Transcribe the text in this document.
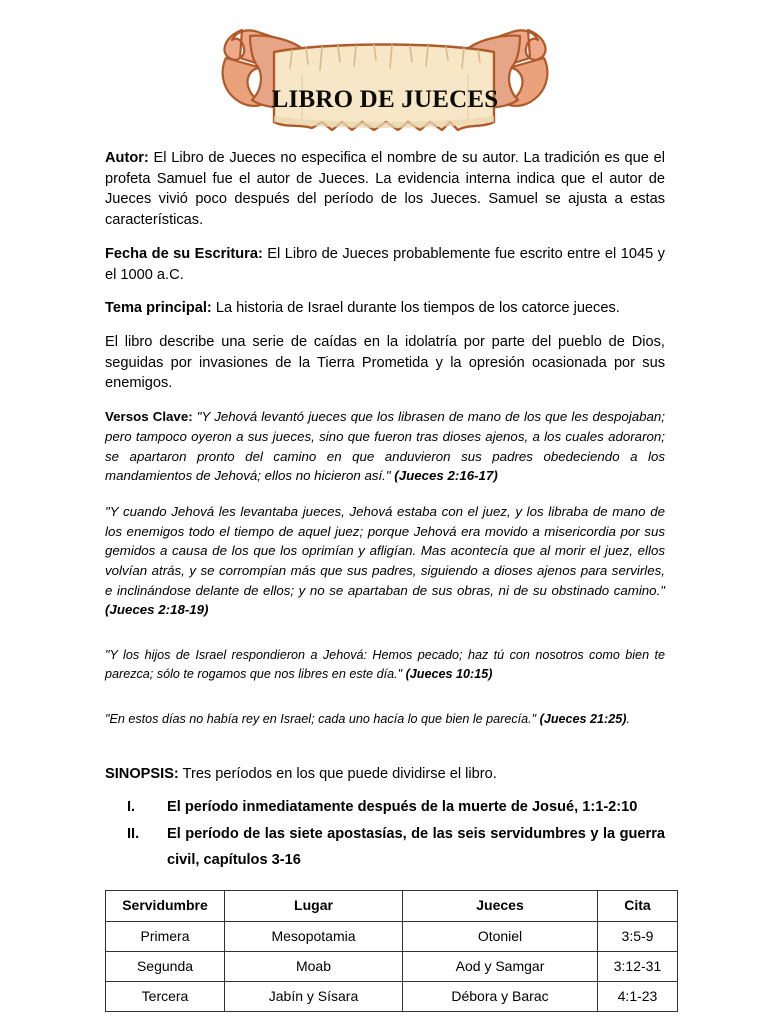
LIBRO DE JUECES

Autor: El Libro de Jueces no especifica el nombre de su autor. La tradición es que el profeta Samuel fue el autor de Jueces. La evidencia interna indica que el autor de Jueces vivió poco después del período de los Jueces. Samuel se ajusta a estas características.

Fecha de su Escritura: El Libro de Jueces probablemente fue escrito entre el 1045 y el 1000 a.C.

Tema principal: La historia de Israel durante los tiempos de los catorce jueces.

El libro describe una serie de caídas en la idolatría por parte del pueblo de Dios, seguidas por invasiones de la Tierra Prometida y la opresión ocasionada por sus enemigos.

Versos Clave: "Y Jehová levantó jueces que los librasen de mano de los que les despojaban; pero tampoco oyeron a sus jueces, sino que fueron tras dioses ajenos, a los cuales adoraron; se apartaron pronto del camino en que anduvieron sus padres obedeciendo a los mandamientos de Jehová; ellos no hicieron así." (Jueces 2:16-17)

"Y cuando Jehová les levantaba jueces, Jehová estaba con el juez, y los libraba de mano de los enemigos todo el tiempo de aquel juez; porque Jehová era movido a misericordia por sus gemidos a causa de los que los oprimían y afligían. Mas acontecía que al morir el juez, ellos volvían atrás, y se corrompían más que sus padres, siguiendo a dioses ajenos para servirles, e inclinándose delante de ellos; y no se apartaban de sus obras, ni de su obstinado camino." (Jueces 2:18-19)

"Y los hijos de Israel respondieron a Jehová: Hemos pecado; haz tú con nosotros como bien te parezca; sólo te rogamos que nos libres en este día." (Jueces 10:15)

"En estos días no había rey en Israel; cada uno hacía lo que bien le parecía." (Jueces 21:25).

SINOPSIS: Tres períodos en los que puede dividirse el libro.

I.	El período inmediatamente después de la muerte de Josué, 1:1-2:10
II.	El período de las siete apostasías, de las seis servidumbres y la guerra civil, capítulos 3-16
Servidumbre	Lugar	Jueces	Cita
Primera	Mesopotamia	Otoniel	3:5-9
Segunda	Moab	Aod y Samgar	3:12-31
Tercera	Jabín y Sísara	Débora y Barac	4:1-23
